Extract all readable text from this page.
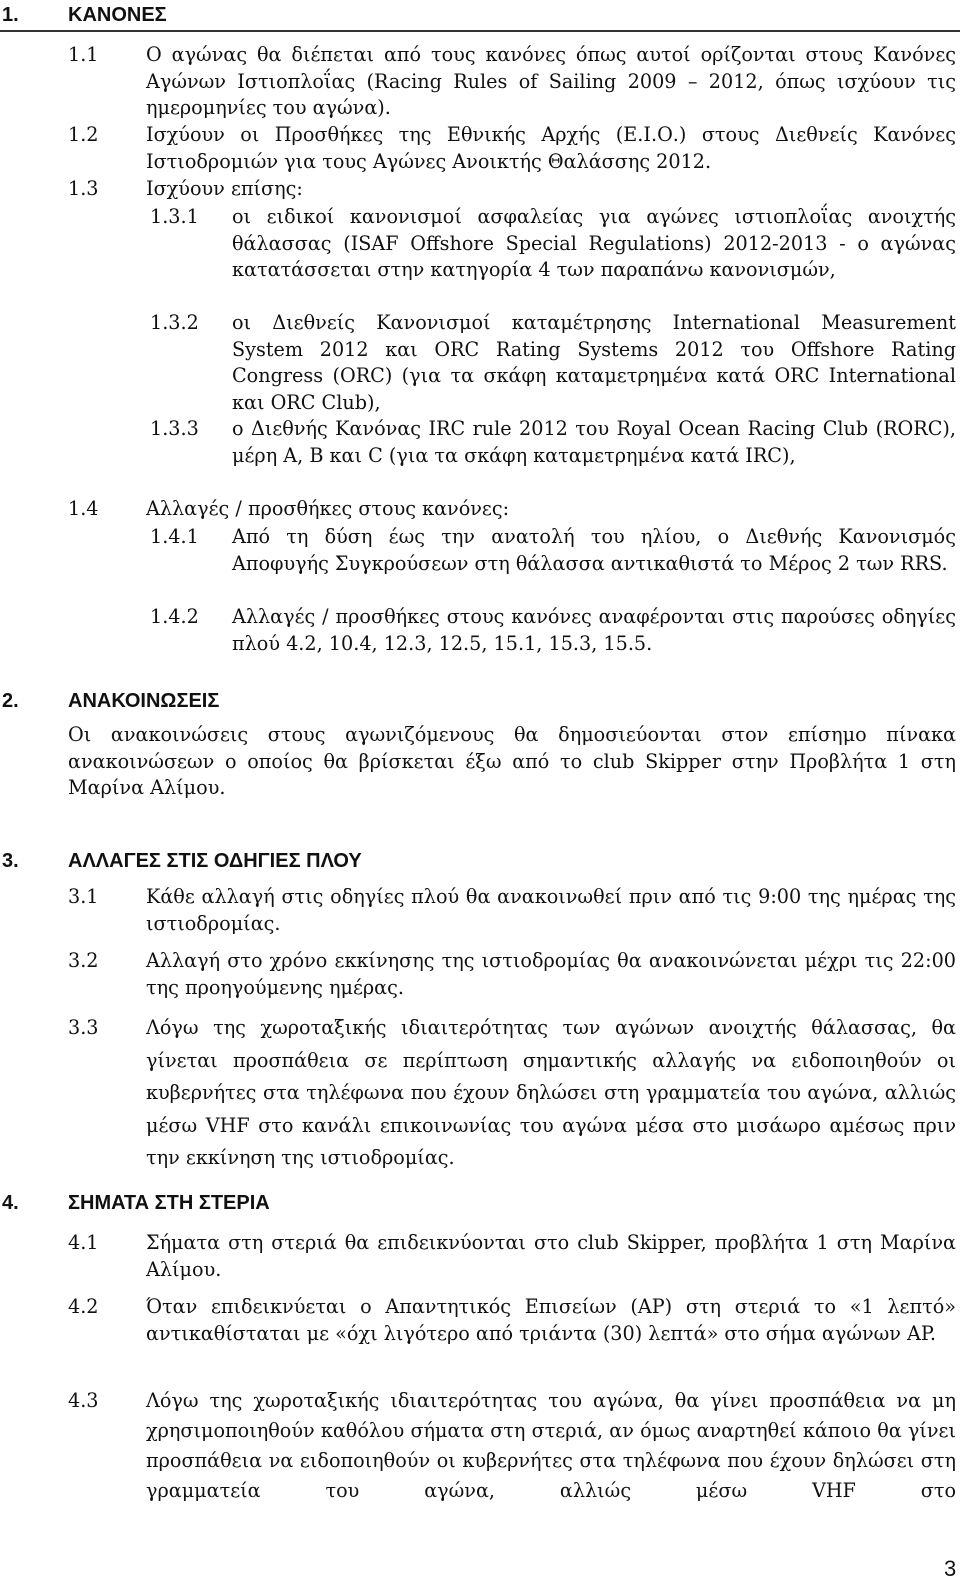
1. ΚΑΝΟΝΕΣ
1.1 Ο αγώνας θα διέπεται από τους κανόνες όπως αυτοί ορίζονται στους Κανόνες Αγώνων Ιστιοπλοΐας (Racing Rules of Sailing 2009 – 2012, όπως ισχύουν τις ημερομηνίες του αγώνα).
1.2 Ισχύουν οι Προσθήκες της Εθνικής Αρχής (Ε.Ι.Ο.) στους Διεθνείς Κανόνες Ιστιοδρομιών για τους Αγώνες Ανοικτής Θαλάσσης 2012.
1.3 Ισχύουν επίσης:
1.3.1 οι ειδικοί κανονισμοί ασφαλείας για αγώνες ιστιοπλοΐας ανοιχτής θάλασσας (ISAF Offshore Special Regulations) 2012-2013 - ο αγώνας κατατάσσεται στην κατηγορία 4 των παραπάνω κανονισμών,
1.3.2 οι Διεθνείς Κανονισμοί καταμέτρησης International Measurement System 2012 και ORC Rating Systems 2012 του Offshore Rating Congress (ORC) (για τα σκάφη καταμετρημένα κατά ORC International και ORC Club),
1.3.3 ο Διεθνής Κανόνας IRC rule 2012 του Royal Ocean Racing Club (RORC), μέρη A, B και C (για τα σκάφη καταμετρημένα κατά IRC),
1.4 Αλλαγές / προσθήκες στους κανόνες:
1.4.1 Από τη δύση έως την ανατολή του ηλίου, ο Διεθνής Κανονισμός Αποφυγής Συγκρούσεων στη θάλασσα αντικαθιστά το Μέρος 2 των RRS.
1.4.2 Αλλαγές / προσθήκες στους κανόνες αναφέρονται στις παρούσες οδηγίες πλού 4.2, 10.4, 12.3, 12.5, 15.1, 15.3, 15.5.
2. ΑΝΑΚΟΙΝΩΣΕΙΣ
Οι ανακοινώσεις στους αγωνιζόμενους θα δημοσιεύονται στον επίσημο πίνακα ανακοινώσεων ο οποίος θα βρίσκεται έξω από το club Skipper στην Προβλήτα 1 στη Μαρίνα Αλίμου.
3. ΑΛΛΑΓΕΣ ΣΤΙΣ ΟΔΗΓΙΕΣ ΠΛΟΥ
3.1 Κάθε αλλαγή στις οδηγίες πλού θα ανακοινωθεί πριν από τις 9:00 της ημέρας της ιστιοδρομίας.
3.2 Αλλαγή στο χρόνο εκκίνησης της ιστιοδρομίας θα ανακοινώνεται μέχρι τις 22:00 της προηγούμενης ημέρας.
3.3 Λόγω της χωροταξικής ιδιαιτερότητας των αγώνων ανοιχτής θάλασσας, θα γίνεται προσπάθεια σε περίπτωση σημαντικής αλλαγής να ειδοποιηθούν οι κυβερνήτες στα τηλέφωνα που έχουν δηλώσει στη γραμματεία του αγώνα, αλλιώς μέσω VHF στο κανάλι επικοινωνίας του αγώνα μέσα στο μισάωρο αμέσως πριν την εκκίνηση της ιστιοδρομίας.
4. ΣΗΜΑΤΑ ΣΤΗ ΣΤΕΡΙΑ
4.1 Σήματα στη στεριά θα επιδεικνύονται στο club Skipper, προβλήτα 1 στη Μαρίνα Αλίμου.
4.2 Όταν επιδεικνύεται ο Απαντητικός Επισείων (AP) στη στεριά το «1 λεπτό» αντικαθίσταται με «όχι λιγότερο από τριάντα (30) λεπτά» στο σήμα αγώνων AP.
4.3 Λόγω της χωροταξικής ιδιαιτερότητας του αγώνα, θα γίνει προσπάθεια να μη χρησιμοποιηθούν καθόλου σήματα στη στεριά, αν όμως αναρτηθεί κάποιο θα γίνει προσπάθεια να ειδοποιηθούν οι κυβερνήτες στα τηλέφωνα που έχουν δηλώσει στη γραμματεία του αγώνα, αλλιώς μέσω VHF στο
3
